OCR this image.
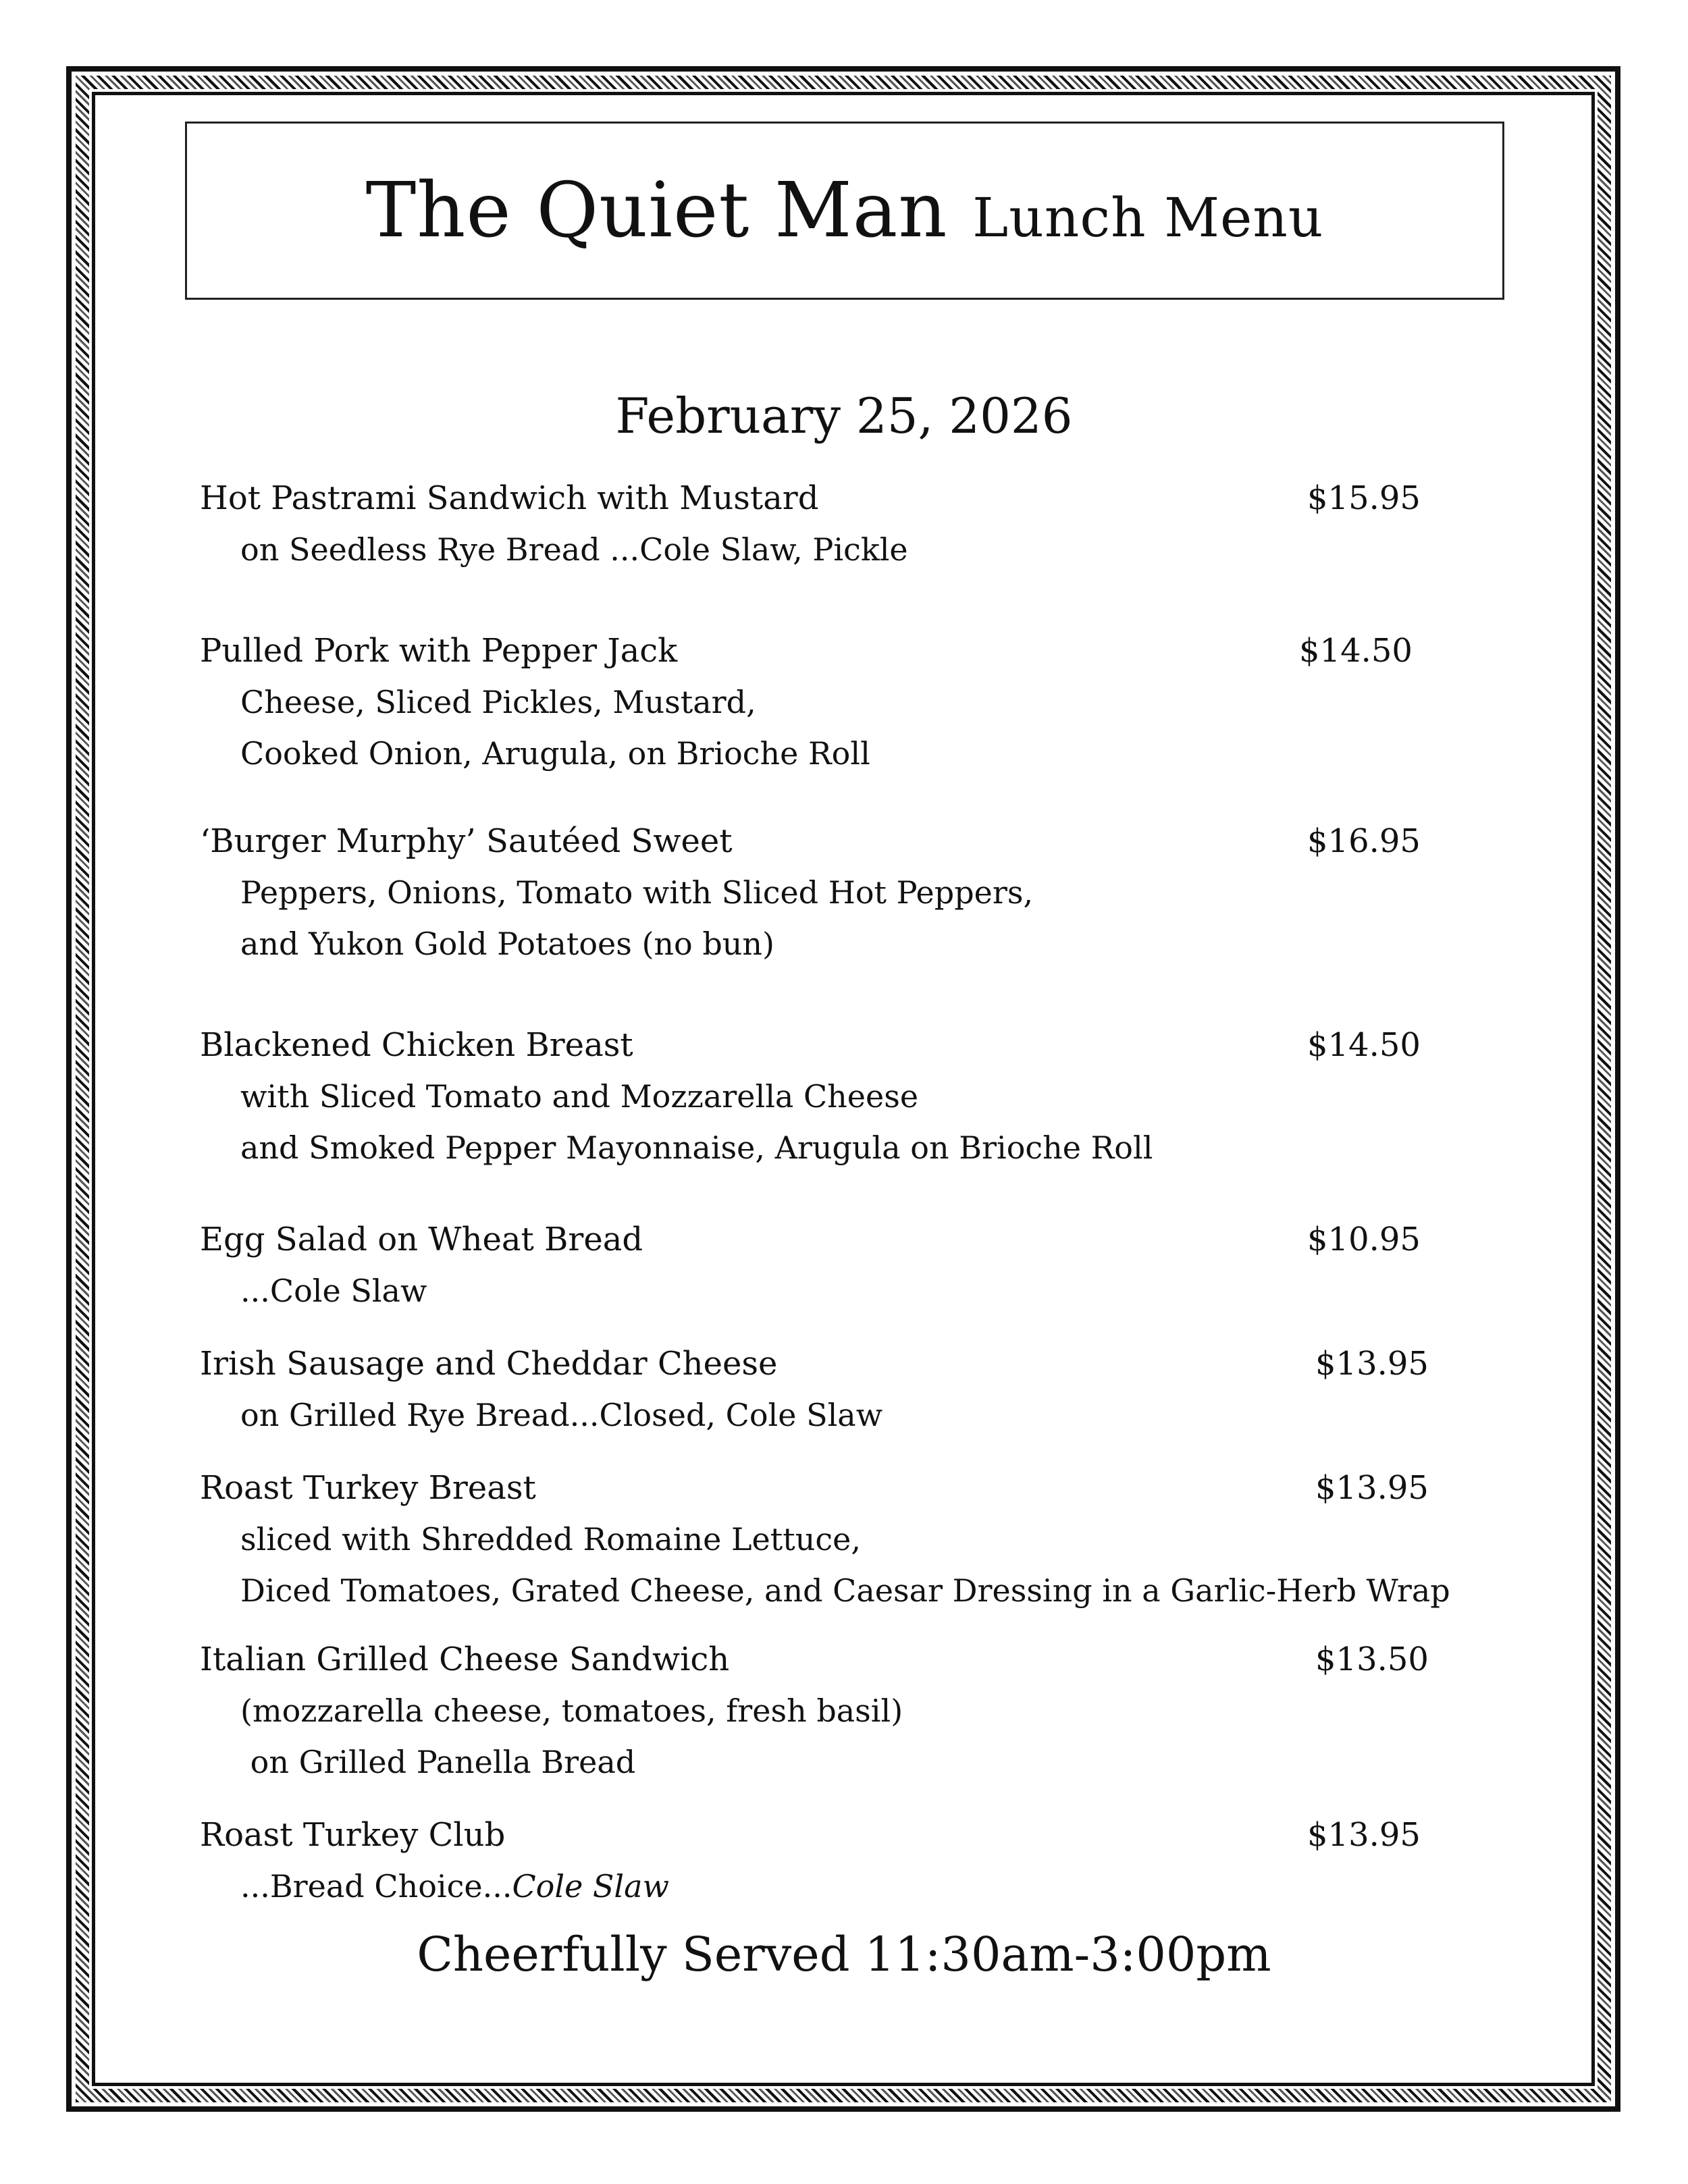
The Quiet Man Lunch Menu
February 25, 2026
Hot Pastrami Sandwich with Mustard	$15.95
on Seedless Rye Bread ...Cole Slaw, Pickle
Pulled Pork with Pepper Jack	$14.50
Cheese, Sliced Pickles, Mustard,
Cooked Onion, Arugula, on Brioche Roll
‘Burger Murphy’ Sautéed Sweet	$16.95
Peppers, Onions, Tomato with Sliced Hot Peppers,
and Yukon Gold Potatoes (no bun)
Blackened Chicken Breast	$14.50
with Sliced Tomato and Mozzarella Cheese
and Smoked Pepper Mayonnaise, Arugula on Brioche Roll
Egg Salad on Wheat Bread	$10.95
...Cole Slaw
Irish Sausage and Cheddar Cheese	$13.95
on Grilled Rye Bread...Closed, Cole Slaw
Roast Turkey Breast	$13.95
sliced with Shredded Romaine Lettuce,
Diced Tomatoes, Grated Cheese, and Caesar Dressing in a Garlic-Herb Wrap
Italian Grilled Cheese Sandwich	$13.50
(mozzarella cheese, tomatoes, fresh basil)
on Grilled Panella Bread
Roast Turkey Club	$13.95
...Bread Choice...Cole Slaw
Cheerfully Served 11:30am-3:00pm
